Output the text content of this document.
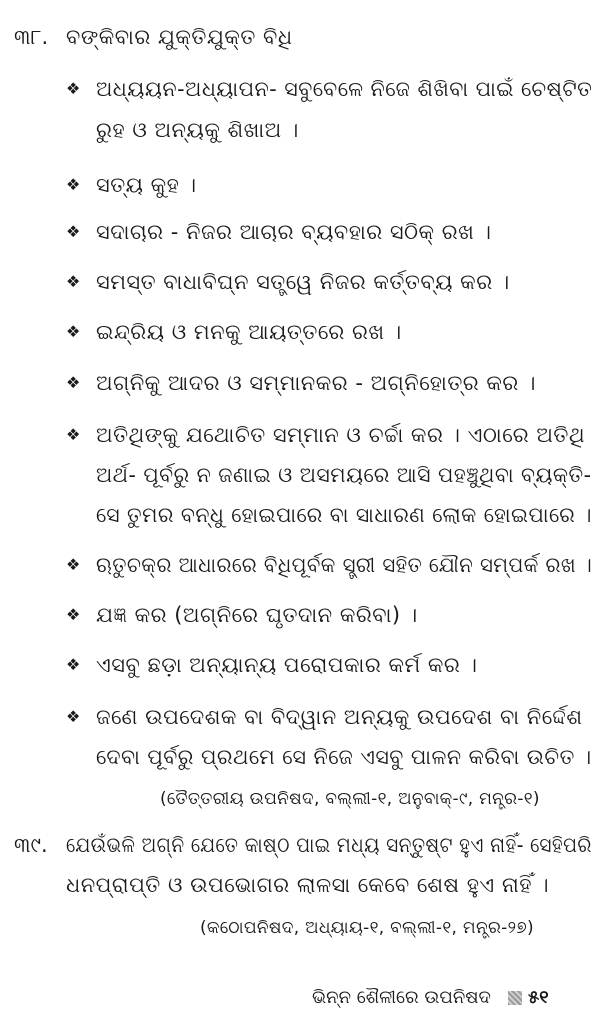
୩୮. ବଙ୍କିବାର ଯୁକ୍ତିଯୁକ୍ତ ବିଧି
❖ ଅଧ୍ୟୟନ-ଅଧ୍ୟାପନ- ସବୁବେଳେ ନିଜେ ଶିଖିବା ପାଇଁ ଚେଷ୍ଟିତ
ରୁହ ଓ ଅନ୍ୟକୁ ଶିଖାଅ ।
❖ ସତ୍ୟ କୁହ ।
❖ ସଦାଚାର - ନିଜର ଆଚାର ବ୍ୟବହାର ସଠିକ୍ ରଖ ।
❖ ସମସ୍ତ ବାଧାବିଘ୍ନ ସତ୍ତ୍ୱେ ନିଜର କର୍ତ୍ତବ୍ୟ କର ।
❖ ଇନ୍ଦ୍ରିୟ ଓ ମନକୁ ଆୟତ୍ତରେ ରଖ ।
❖ ଅଗ୍ନିକୁ ଆଦର ଓ ସମ୍ମାନକର - ଅଗ୍ନିହୋତ୍ର କର ।
❖ ଅତିଥିଙ୍କୁ ଯଥୋଚିତ ସମ୍ମାନ ଓ ଚର୍ଚ୍ଚା କର । ଏଠାରେ ଅତିଥି
ଅର୍ଥ- ପୂର୍ବରୁ ନ ଜଣାଇ ଓ ଅସମୟରେ ଆସି ପହଞ୍ଚୁଥିବା ବ୍ୟକ୍ତି-
ସେ ତୁମର ବନ୍ଧୁ ହୋଇପାରେ ବା ସାଧାରଣ ଲୋକ ହୋଇପାରେ ।
❖ ଋତୁଚକ୍ର ଆଧାରରେ ବିଧିପୂର୍ବକ ସ୍ତ୍ରୀ ସହିତ ଯୌନ ସମ୍ପର୍କ ରଖ ।
❖ ଯଜ୍ଞ କର (ଅଗ୍ନିରେ ଘୃତଦାନ କରିବା) ।
❖ ଏସବୁ ଛଡ଼ା ଅନ୍ୟାନ୍ୟ ପରୋପକାର କର୍ମ କର ।
❖ ଜଣେ ଉପଦେଶକ ବା ବିଦ୍ୱାନ ଅନ୍ୟକୁ ଉପଦେଶ ବା ନିର୍ଦ୍ଦେଶ
ଦେବା ପୂର୍ବରୁ ପ୍ରଥମେ ସେ ନିଜେ ଏସବୁ ପାଳନ କରିବା ଉଚିତ ।
(ତୈତ୍ତରୀୟ ଉପନିଷଦ, ବଲ୍ଲୀ-୧, ଅନୁବାକ୍-୯, ମନ୍ତ୍ର-୧)
୩୯. ଯେଉଁଭଳି ଅଗ୍ନି ଯେତେ କାଷ୍ଠ ପାଇ ମଧ୍ୟ ସନ୍ତୁଷ୍ଟ ହୁଏ ନାହିଁ- ସେହିପରି
ଧନପ୍ରାପ୍ତି ଓ ଉପଭୋଗର ଲାଳସା କେବେ ଶେଷ ହୁଏ ନାହିଁ ।
(କଠୋପନିଷଦ, ଅଧ୍ୟାୟ-୧, ବଲ୍ଲୀ-୧, ମନ୍ତ୍ର-୨୭)
ଭିନ୍ନ ଶୈଳୀରେ ଉପନିଷଦ ୫୧
